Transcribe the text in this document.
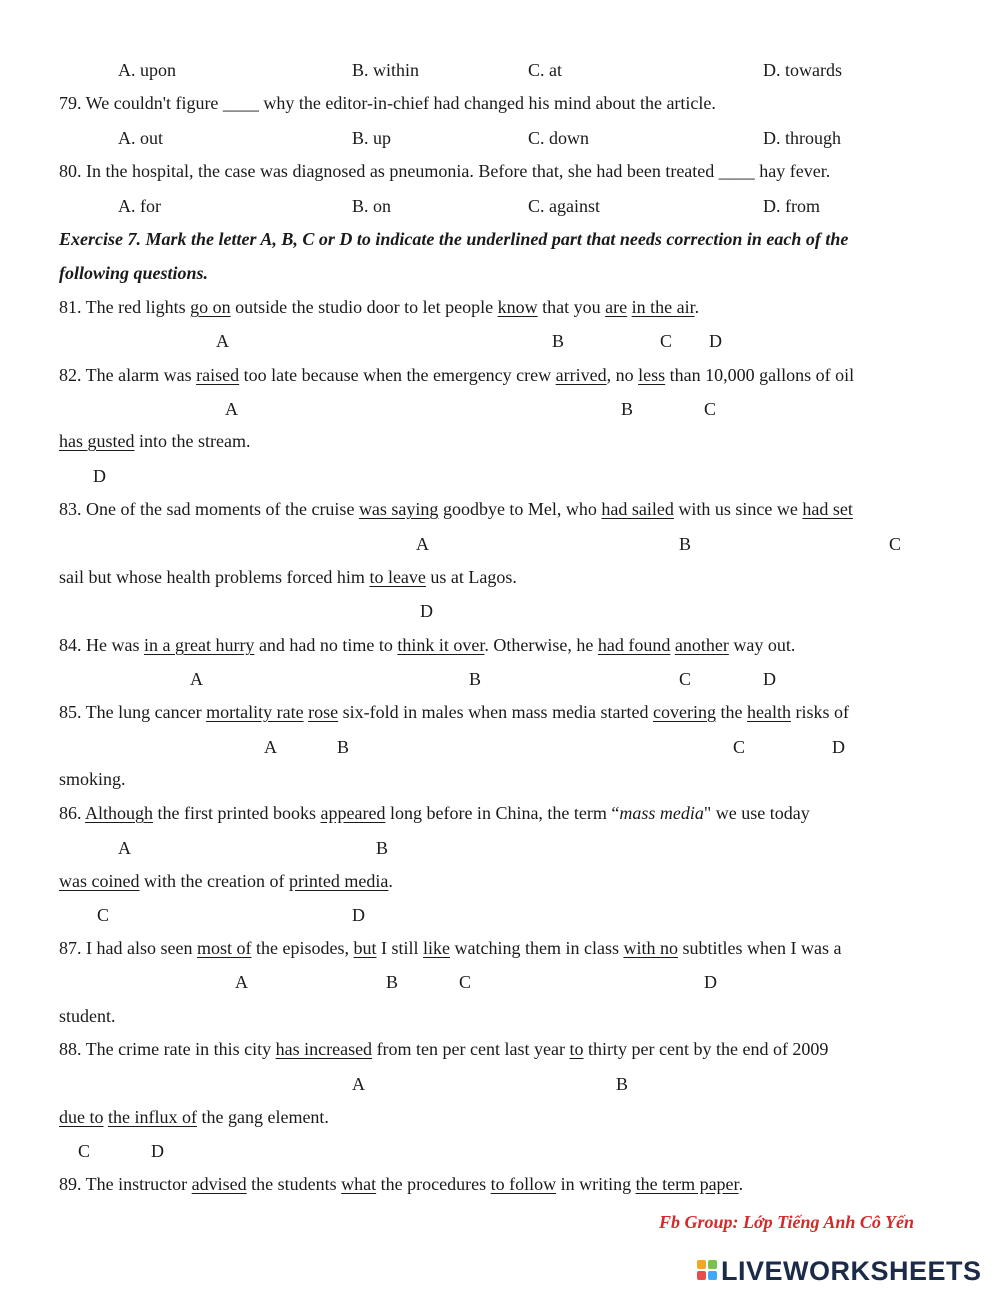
A. upon	B. within	C. at	D. towards
79. We couldn't figure ____ why the editor-in-chief had changed his mind about the article.
A. out	B. up	C. down	D. through
80. In the hospital, the case was diagnosed as pneumonia. Before that, she had been treated ____ hay fever.
A. for	B. on	C. against	D. from
Exercise 7. Mark the letter A, B, C or D to indicate the underlined part that needs correction in each of the
following questions.
81. The red lights go on outside the studio door to let people know that you are in the air.
A	B	C D
82. The alarm was raised too late because when the emergency crew arrived, no less than 10,000 gallons of oil
A	B	C
has gusted into the stream.
D
83. One of the sad moments of the cruise was saying goodbye to Mel, who had sailed with us since we had set
A	B	C
sail but whose health problems forced him to leave us at Lagos.
D
84. He was in a great hurry and had no time to think it over. Otherwise, he had found another way out.
A	B	C	D
85. The lung cancer mortality rate rose six-fold in males when mass media started covering the health risks of
A	B	C	D
smoking.
86. Although the first printed books appeared long before in China, the term “mass media" we use today
A	B
was coined with the creation of printed media.
C	D
87. I had also seen most of the episodes, but I still like watching them in class with no subtitles when I was a
A	B	C	D
student.
88. The crime rate in this city has increased from ten per cent last year to thirty per cent by the end of 2009
A	B
due to the influx of the gang element.
C	D
89. The instructor advised the students what the procedures to follow in writing the term paper.
Fb Group: Lớp Tiếng Anh Cô Yến
LIVEWORKSHEETS
